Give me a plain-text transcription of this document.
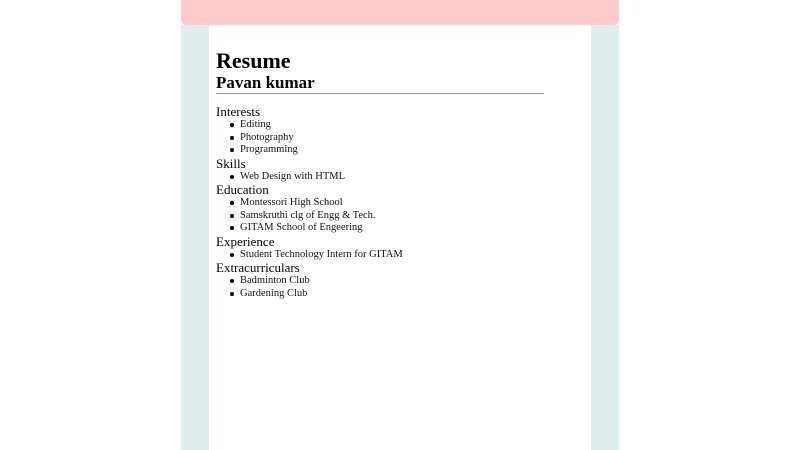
Resume
Pavan kumar
Interests
Editing
Photography
Programming
Skills
Web Design with HTML
Education
Montessori High School
Samskruthi clg of Engg & Tech.
GITAM School of Engeering
Experience
Student Technology Intern for GITAM
Extracurriculars
Badminton Club
Gardening Club
